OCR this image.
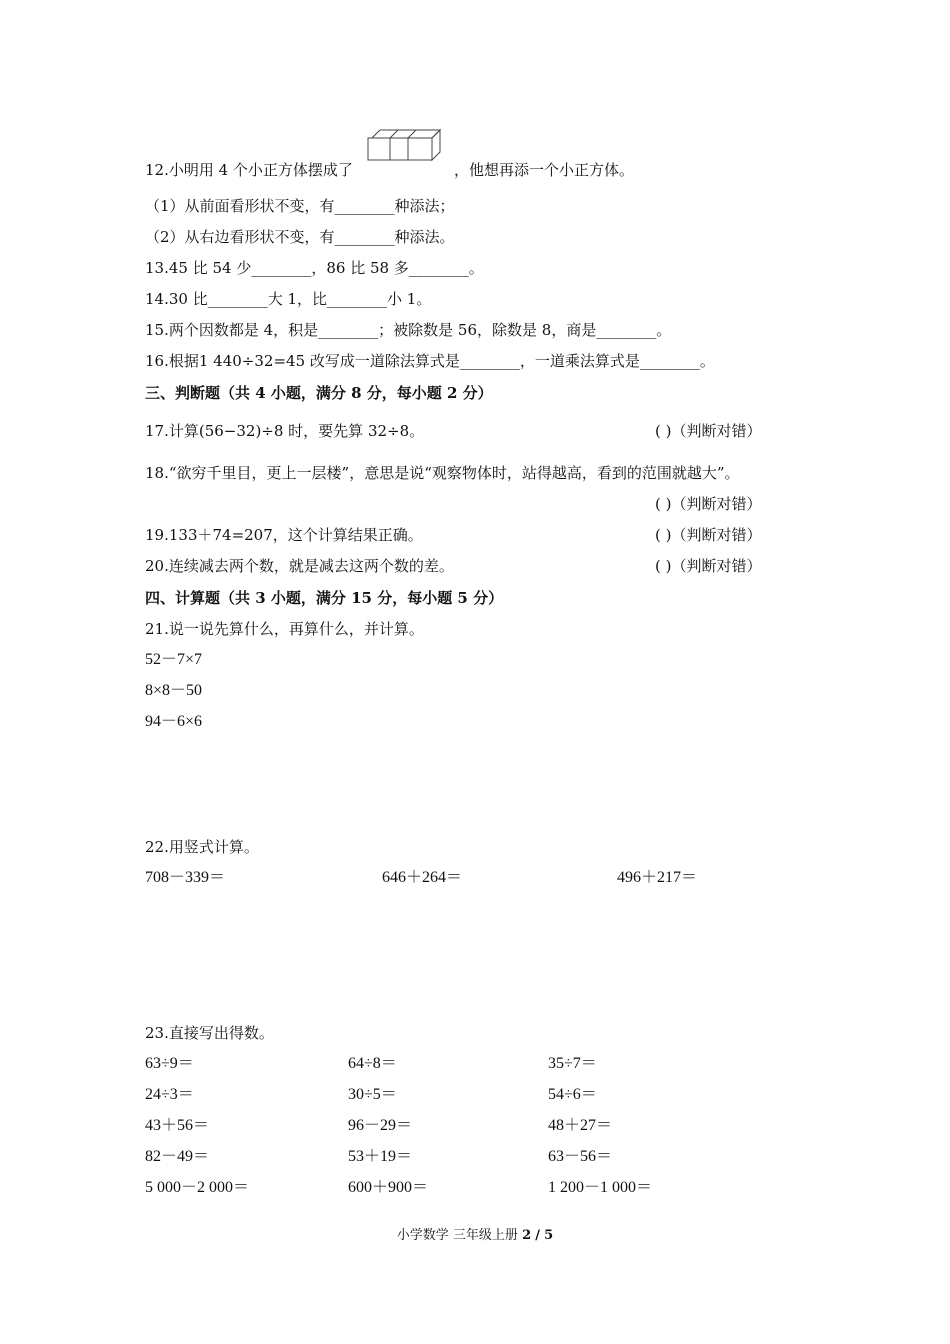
12.小明用 4 个小正方体摆成了	，他想再添一个小正方体。
（1）从前面看形状不变，有________种添法；
（2）从右边看形状不变，有________种添法。
13.45 比 54 少________，86 比 58 多________。
14.30 比________大 1，比________小 1。
15.两个因数都是 4，积是________；被除数是 56，除数是 8，商是________。
16.根据1 440÷32=45 改写成一道除法算式是________，一道乘法算式是________。
三、判断题（共 4 小题，满分 8 分，每小题 2 分）
17.计算(56−32)÷8 时，要先算 32÷8。	( )（判断对错）
18.“欲穷千里目，更上一层楼”，意思是说“观察物体时，站得越高，看到的范围就越大”。
( )（判断对错）
19.133＋74=207，这个计算结果正确。	( )（判断对错）
20.连续减去两个数，就是减去这两个数的差。	( )（判断对错）
四、计算题（共 3 小题，满分 15 分，每小题 5 分）
21.说一说先算什么，再算什么，并计算。
52－7×7
8×8－50
94－6×6
22.用竖式计算。
708－339＝	646＋264＝	496＋217＝
23.直接写出得数。
63÷9＝	64÷8＝	35÷7＝
24÷3＝	30÷5＝	54÷6＝
43＋56＝	96－29＝	48＋27＝
82－49＝	53＋19＝	63－56＝
5 000－2 000＝	600＋900＝	1 200－1 000＝
小学数学 三年级上册 2 / 5
